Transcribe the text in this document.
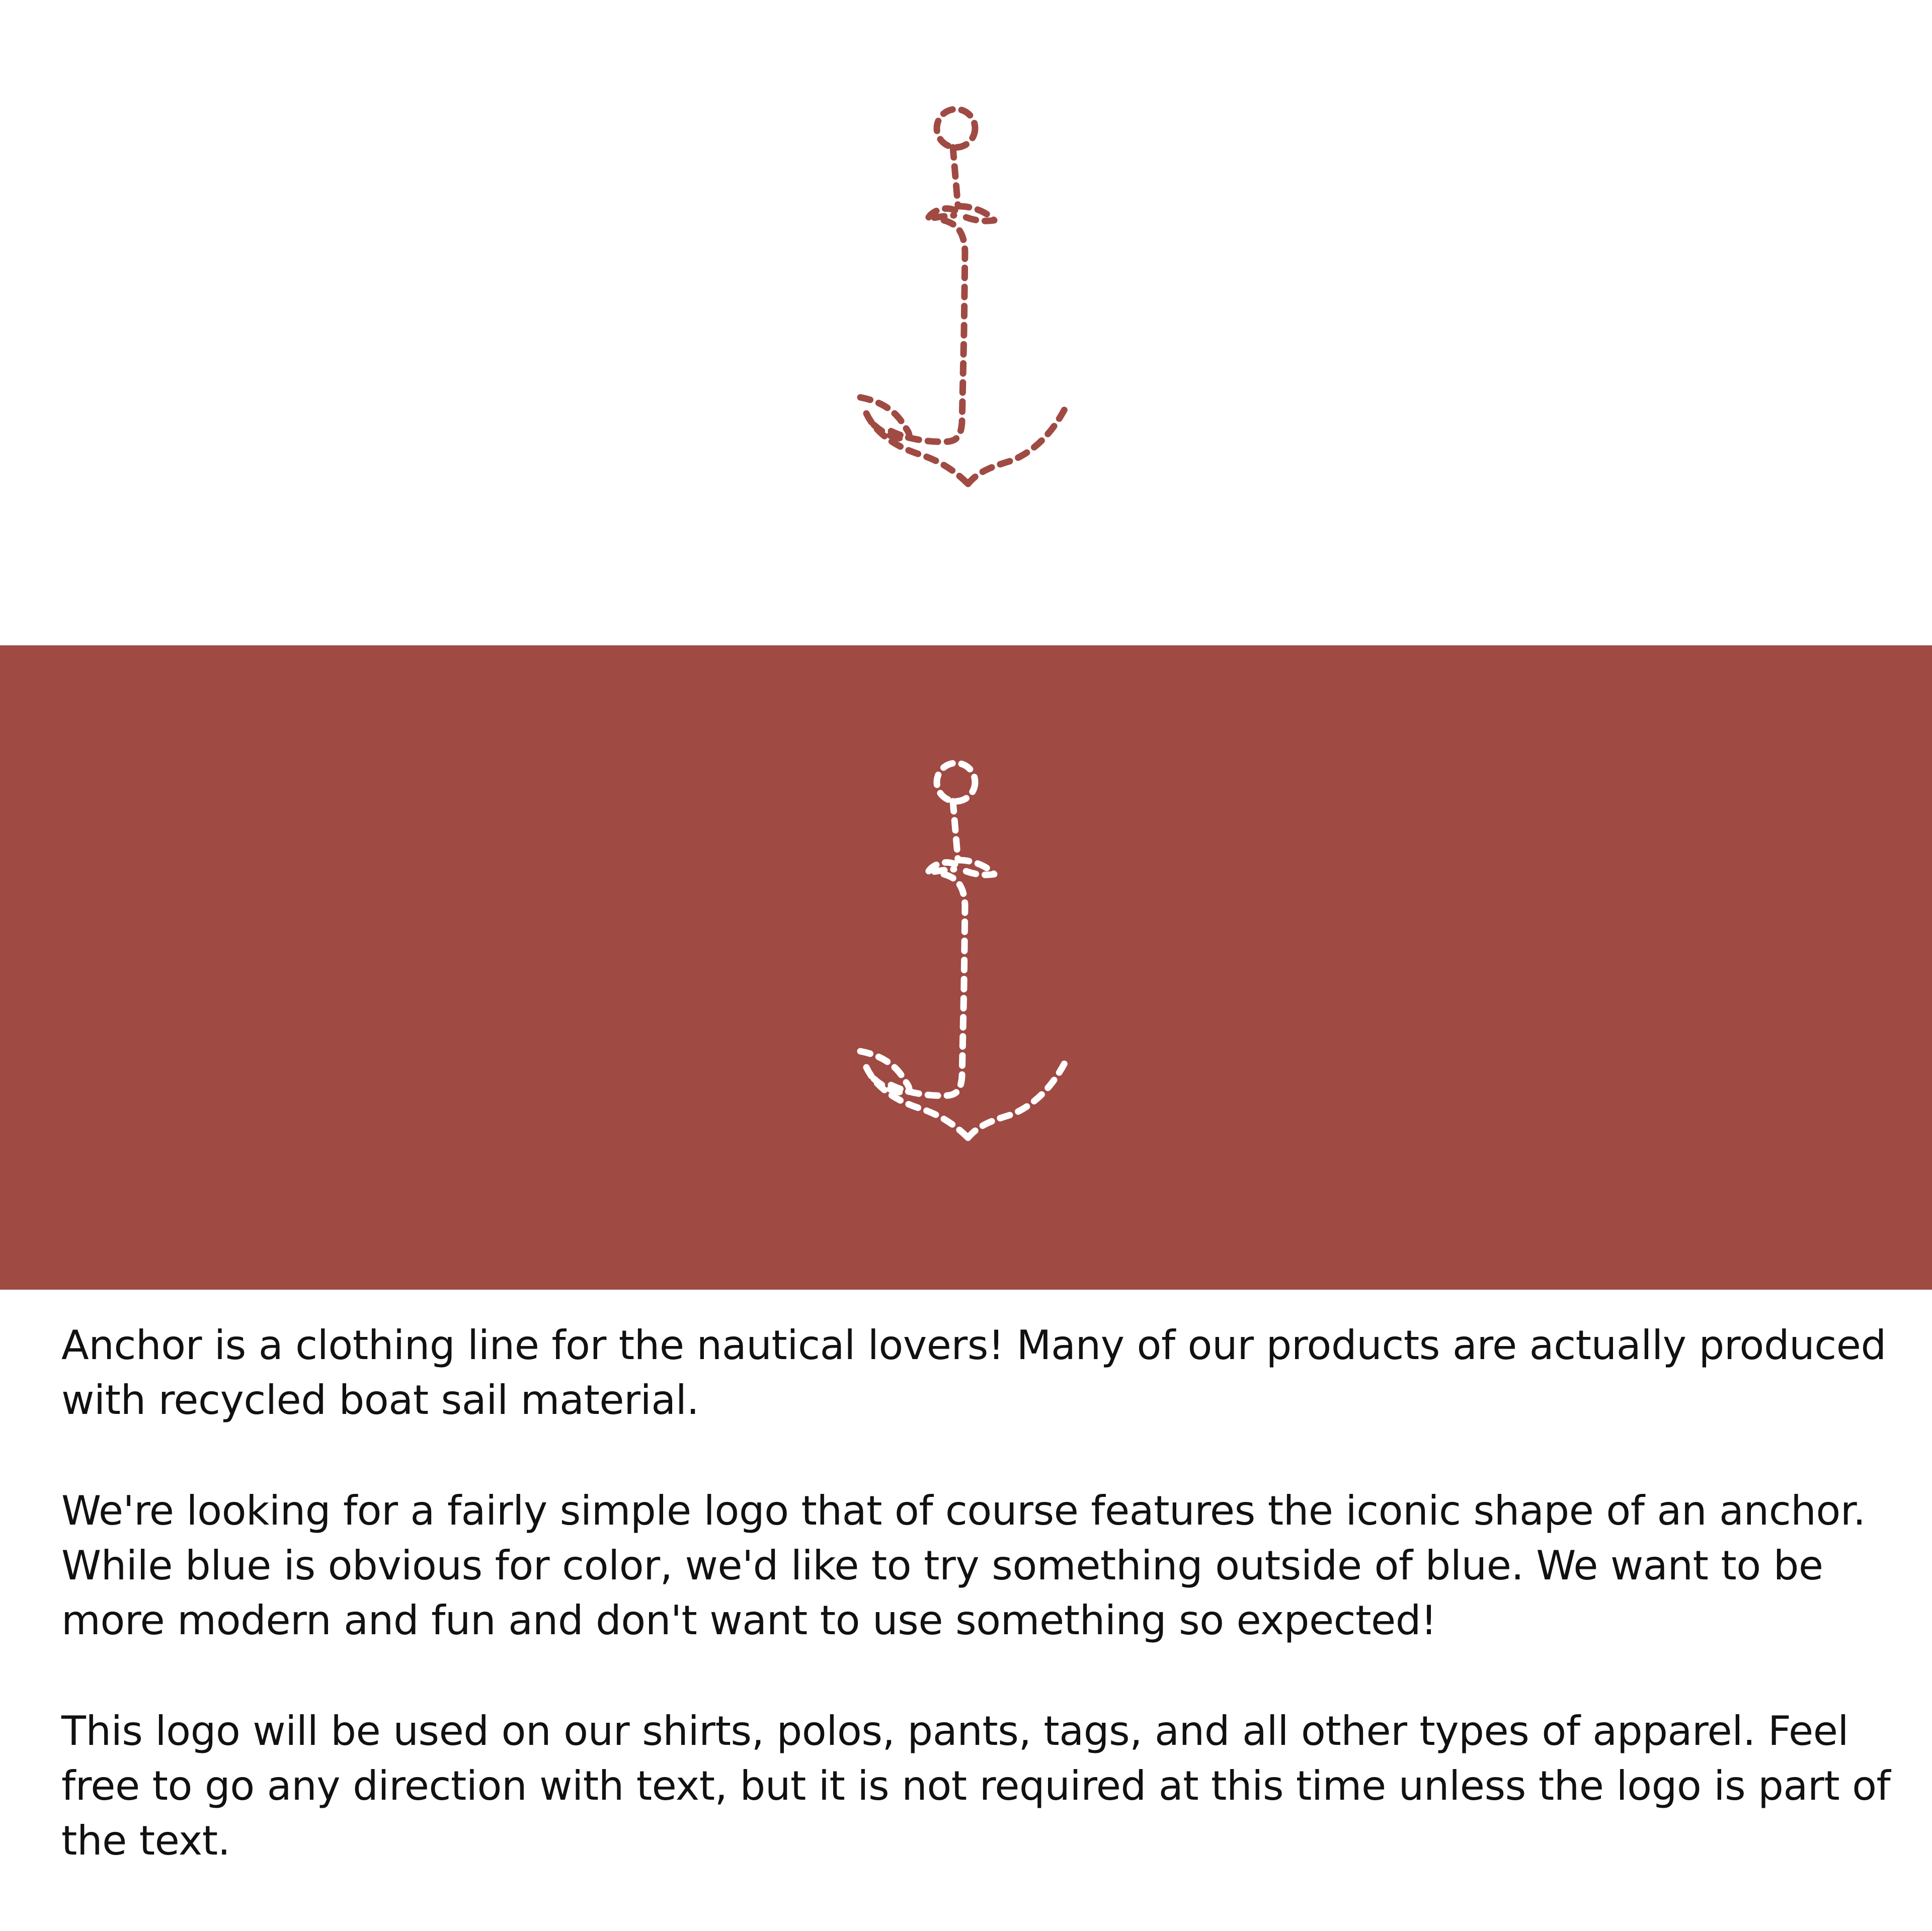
Anchor is a clothing line for the nautical lovers! Many of our products are actually produced with recycled boat sail material.

We're looking for a fairly simple logo that of course features the iconic shape of an anchor. While blue is obvious for color, we'd like to try something outside of blue. We want to be more modern and fun and don't want to use something so expected!

This logo will be used on our shirts, polos, pants, tags, and all other types of apparel. Feel free to go any direction with text, but it is not required at this time unless the logo is part of the text.
